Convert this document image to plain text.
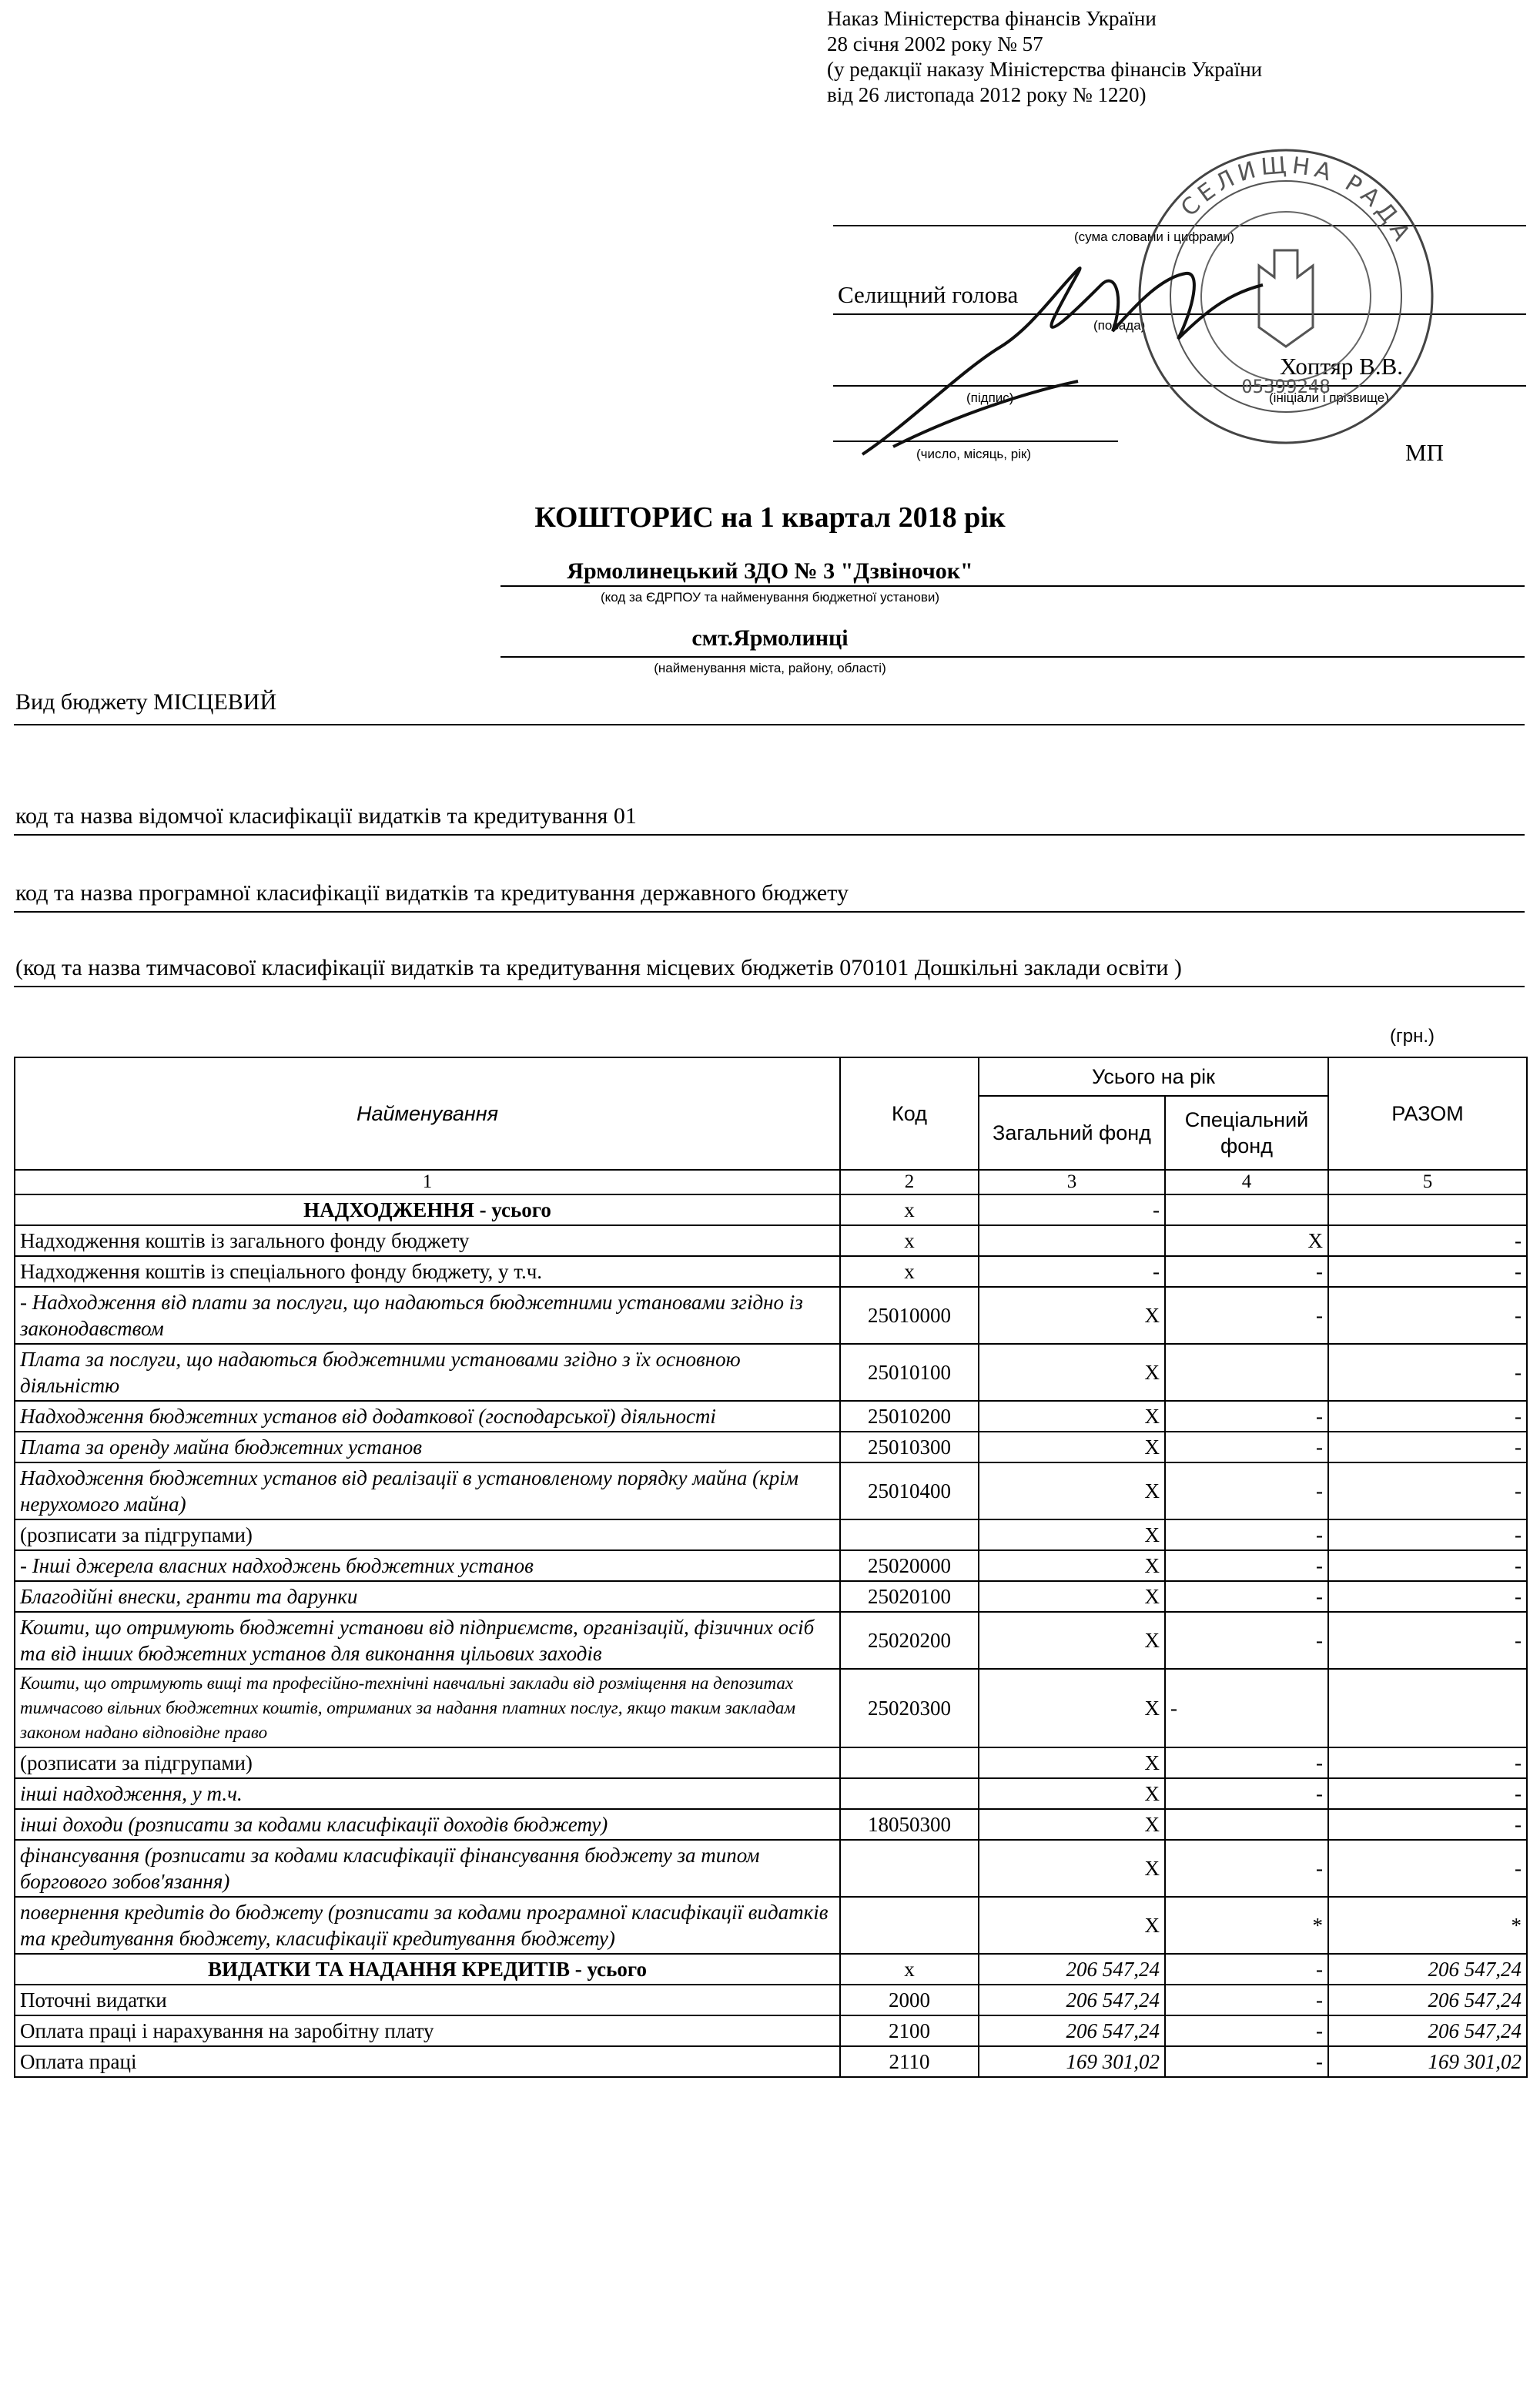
Наказ Міністерства фінансів України
28 січня 2002 року № 57
(у редакції наказу Міністерства фінансів України
від 26 листопада 2012 року № 1220)
(сума словами і цифрами)
Селищний голова
(посада)
Хоптяр В.В.
(підпис)	(ініціали і прізвище)
(число, місяць, рік)	МП
СЕЛИЩНА РАДА
05399248
КОШТОРИС на 1 квартал 2018 рік
Ярмолинецький ЗДО № 3 "Дзвіночок"
(код за ЄДРПОУ та найменування бюджетної установи)
смт.Ярмолинці
(найменування міста, району, області)
Вид бюджету МІСЦЕВИЙ
код та назва відомчої класифікації видатків та кредитування 01
код та назва програмної класифікації видатків та кредитування державного бюджету
(код та назва тимчасової класифікації видатків та кредитування місцевих бюджетів 070101 Дошкільні заклади освіти )
(грн.)
Найменування	Код	Усього на рік		РАЗОМ
		Загальний фонд	Спеціальний фонд	
1	2	3	4	5
НАДХОДЖЕННЯ - усього	х	-		
Надходження коштів із загального фонду бюджету	х		Х	-
Надходження коштів із спеціального фонду бюджету, у т.ч.	х	-	-	-
- Надходження від плати за послуги, що надаються бюджетними установами згідно із законодавством	25010000	Х	-	-
Плата за послуги, що надаються бюджетними установами згідно з їх основною діяльністю	25010100	Х		-
Надходження бюджетних установ від додаткової (господарської) діяльності	25010200	Х	-	-
Плата за оренду майна бюджетних установ	25010300	Х	-	-
Надходження бюджетних установ від реалізації в установленому порядку майна (крім нерухомого майна)	25010400	Х	-	-
(розписати за підгрупами)		Х	-	-
- Інші джерела власних надходжень бюджетних установ	25020000	Х	-	-
Благодійні внески, гранти та дарунки	25020100	Х	-	-
Кошти, що отримують бюджетні установи від підприємств, організацій, фізичних осіб та від інших бюджетних установ для виконання цільових заходів	25020200	Х	-	-
Кошти, що отримують вищі та професійно-технічні навчальні заклади від розміщення на депозитах тимчасово вільних бюджетних коштів, отриманих за надання платних послуг, якщо таким закладам законом надано відповідне право	25020300	Х	-	
(розписати за підгрупами)		Х	-	-
інші надходження, у т.ч.		Х	-	-
інші доходи (розписати за кодами класифікації доходів бюджету)	18050300	Х		-
фінансування (розписати за кодами класифікації фінансування бюджету за типом боргового зобов'язання)		Х	-	-
повернення кредитів до бюджету (розписати за кодами програмної класифікації видатків та кредитування бюджету, класифікації кредитування бюджету)		Х	*	*
ВИДАТКИ ТА НАДАННЯ КРЕДИТІВ - усього	х	206 547,24	-	206 547,24
Поточні видатки	2000	206 547,24	-	206 547,24
Оплата праці і нарахування на заробітну плату	2100	206 547,24	-	206 547,24
Оплата праці	2110	169 301,02	-	169 301,02
